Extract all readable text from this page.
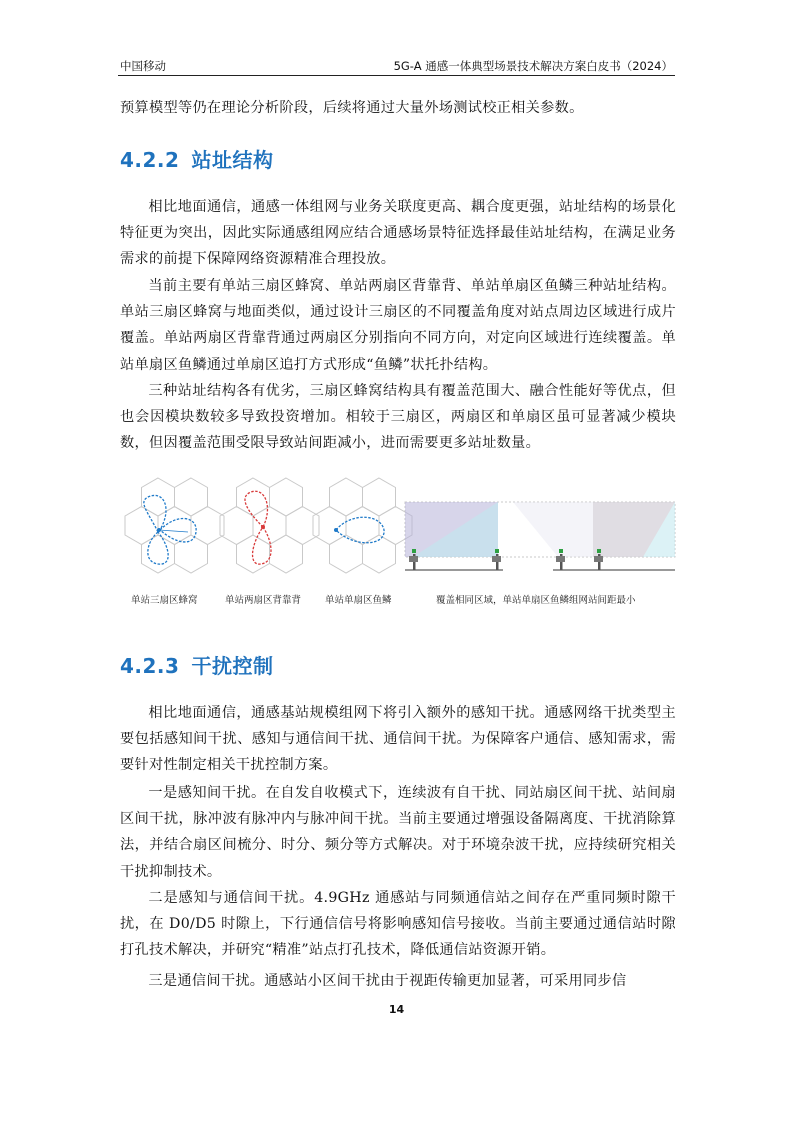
中国移动	5G-A 通感一体典型场景技术解决方案白皮书（2024）

预算模型等仍在理论分析阶段，后续将通过大量外场测试校正相关参数。

4.2.2 站址结构

相比地面通信，通感一体组网与业务关联度更高、耦合度更强，站址结构的场景化特征更为突出，因此实际通感组网应结合通感场景特征选择最佳站址结构，在满足业务需求的前提下保障网络资源精准合理投放。

当前主要有单站三扇区蜂窝、单站两扇区背靠背、单站单扇区鱼鳞三种站址结构。单站三扇区蜂窝与地面类似，通过设计三扇区的不同覆盖角度对站点周边区域进行成片覆盖。单站两扇区背靠背通过两扇区分别指向不同方向，对定向区域进行连续覆盖。单站单扇区鱼鳞通过单扇区追打方式形成“鱼鳞”状托扑结构。

三种站址结构各有优劣，三扇区蜂窝结构具有覆盖范围大、融合性能好等优点，但也会因模块数较多导致投资增加。相较于三扇区，两扇区和单扇区虽可显著减少模块数，但因覆盖范围受限导致站间距减小，进而需要更多站址数量。

单站三扇区蜂窝	单站两扇区背靠背	单站单扇区鱼鳞	覆盖相同区域，单站单扇区鱼鳞组网站间距最小
4.2.3 干扰控制

相比地面通信，通感基站规模组网下将引入额外的感知干扰。通感网络干扰类型主要包括感知间干扰、感知与通信间干扰、通信间干扰。为保障客户通信、感知需求，需要针对性制定相关干扰控制方案。

一是感知间干扰。在自发自收模式下，连续波有自干扰、同站扇区间干扰、站间扇区间干扰，脉冲波有脉冲内与脉冲间干扰。当前主要通过增强设备隔离度、干扰消除算法，并结合扇区间梳分、时分、频分等方式解决。对于环境杂波干扰，应持续研究相关干扰抑制技术。

二是感知与通信间干扰。4.9GHz 通感站与同频通信站之间存在严重同频时隙干扰，在 D0/D5 时隙上，下行通信信号将影响感知信号接收。当前主要通过通信站时隙打孔技术解决，并研究“精准”站点打孔技术，降低通信站资源开销。

三是通信间干扰。通感站小区间干扰由于视距传输更加显著，可采用同步信

14
